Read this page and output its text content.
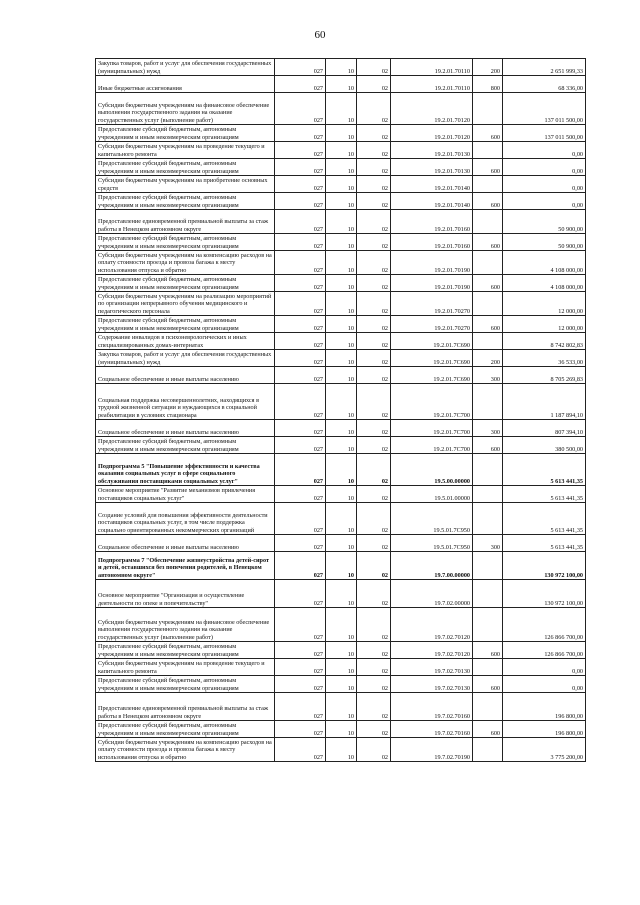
60
Закупка товаров, работ и услуг для обеспечения государственных (муниципальных) нужд	027	10	02	19.2.01.70110	200	2 651 999,33
Иные бюджетные ассигнования	027	10	02	19.2.01.70110	800	68 336,00
Субсидии бюджетным учреждениям на финансовое обеспечение выполнения государственного задания на оказание государственных услуг (выполнение работ)	027	10	02	19.2.01.70120		137 011 500,00
Предоставление субсидий бюджетным, автономным учреждениям и иным некоммерческим организациям	027	10	02	19.2.01.70120	600	137 011 500,00
Субсидии бюджетным учреждениям на проведение текущего и капитального ремонта	027	10	02	19.2.01.70130		0,00
Предоставление субсидий бюджетным, автономным учреждениям и иным некоммерческим организациям	027	10	02	19.2.01.70130	600	0,00
Субсидии бюджетным учреждениям на приобретение основных средств	027	10	02	19.2.01.70140		0,00
Предоставление субсидий бюджетным, автономным учреждениям и иным некоммерческим организациям	027	10	02	19.2.01.70140	600	0,00
Предоставление единовременной премиальной выплаты за стаж работы в Ненецком автономном округе	027	10	02	19.2.01.70160		50 900,00
Предоставление субсидий бюджетным, автономным учреждениям и иным некоммерческим организациям	027	10	02	19.2.01.70160	600	50 900,00
Субсидии бюджетным учреждениям на компенсацию расходов на оплату стоимости проезда и провоза багажа к месту использования отпуска и обратно	027	10	02	19.2.01.70190		4 108 000,00
Предоставление субсидий бюджетным, автономным учреждениям и иным некоммерческим организациям	027	10	02	19.2.01.70190	600	4 108 000,00
Субсидии бюджетным учреждениям на реализацию мероприятий по организации непрерывного обучения медицинского и педагогического персонала	027	10	02	19.2.01.70270		12 000,00
Предоставление субсидий бюджетным, автономным учреждениям и иным некоммерческим организациям	027	10	02	19.2.01.70270	600	12 000,00
Содержание инвалидов в психоневрологических и иных специализированных домах-интернатах	027	10	02	19.2.01.7С690		8 742 802,83
Закупка товаров, работ и услуг для обеспечения государственных (муниципальных) нужд	027	10	02	19.2.01.7С690	200	36 533,00
Социальное обеспечение и иные выплаты населению	027	10	02	19.2.01.7С690	300	8 705 269,83
Социальная поддержка несовершеннолетних, находящихся в трудной жизненной ситуации и нуждающихся в социальной реабилитации в условиях стационара	027	10	02	19.2.01.7С700		1 187 894,10
Социальное обеспечение и иные выплаты населению	027	10	02	19.2.01.7С700	300	807 394,10
Предоставление субсидий бюджетным, автономным учреждениям и иным некоммерческим организациям	027	10	02	19.2.01.7С700	600	380 500,00
Подпрограмма 5 "Повышение эффективности и качества оказания социальных услуг в сфере социального обслуживания поставщиками социальных услуг"	027	10	02	19.5.00.00000		5 613 441,35
Основное мероприятие "Развитие механизмов привлечения поставщиков социальных услуг"	027	10	02	19.5.01.00000		5 613 441,35
Создание условий для повышения эффективности деятельности поставщиков социальных услуг, в том числе поддержка социально ориентированных некоммерческих организаций	027	10	02	19.5.01.7С950		5 613 441,35
Социальное обеспечение и иные выплаты населению	027	10	02	19.5.01.7С950	300	5 613 441,35
Подпрограмма 7 "Обеспечение жизнеустройства детей-сирот и детей, оставшихся без попечения родителей, в Ненецком автономном округе"	027	10	02	19.7.00.00000		130 972 100,00
Основное мероприятие "Организация и осуществление деятельности по опеке и попечительству"	027	10	02	19.7.02.00000		130 972 100,00
Субсидии бюджетным учреждениям на финансовое обеспечение выполнения государственного задания на оказание государственных услуг (выполнение работ)	027	10	02	19.7.02.70120		126 866 700,00
Предоставление субсидий бюджетным, автономным учреждениям и иным некоммерческим организациям	027	10	02	19.7.02.70120	600	126 866 700,00
Субсидии бюджетным учреждениям на проведение текущего и капитального ремонта	027	10	02	19.7.02.70130		0,00
Предоставление субсидий бюджетным, автономным учреждениям и иным некоммерческим организациям	027	10	02	19.7.02.70130	600	0,00
Предоставление единовременной премиальной выплаты за стаж работы в Ненецком автономном округе	027	10	02	19.7.02.70160		196 800,00
Предоставление субсидий бюджетным, автономным учреждениям и иным некоммерческим организациям	027	10	02	19.7.02.70160	600	196 800,00
Субсидии бюджетным учреждениям на компенсацию расходов на оплату стоимости проезда и провоза багажа к месту использования отпуска и обратно	027	10	02	19.7.02.70190		3 775 200,00
